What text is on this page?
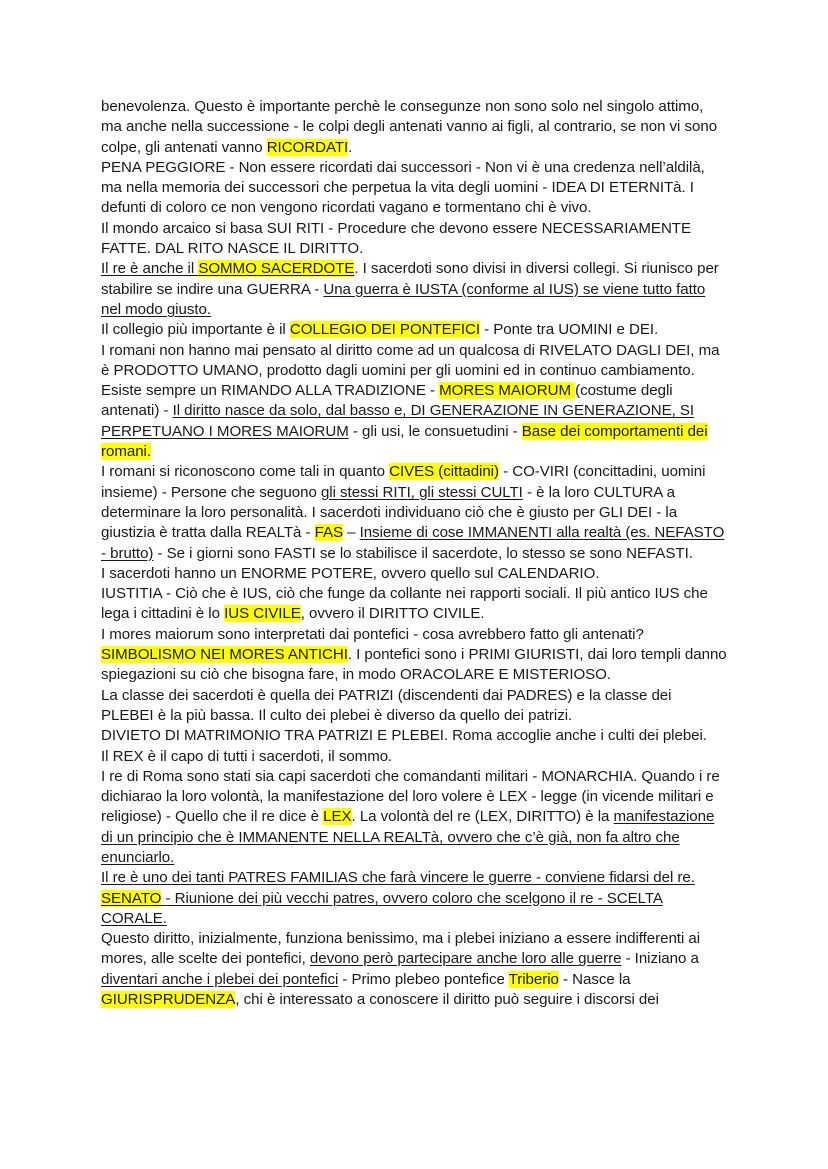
benevolenza. Questo è importante perchè le consegunze non sono solo nel singolo attimo, ma anche nella successione - le colpi degli antenati vanno ai figli, al contrario, se non vi sono colpe, gli antenati vanno RICORDATI.

PENA PEGGIORE - Non essere ricordati dai successori - Non vi è una credenza nell’aldilà, ma nella memoria dei successori che perpetua la vita degli uomini - IDEA DI ETERNITà. I defunti di coloro ce non vengono ricordati vagano e tormentano chi è vivo.

Il mondo arcaico si basa SUI RITI - Procedure che devono essere NECESSARIAMENTE FATTE. DAL RITO NASCE IL DIRITTO.

Il re è anche il SOMMO SACERDOTE. I sacerdoti sono divisi in diversi collegi. Si riunisco per stabilire se indire una GUERRA - Una guerra è IUSTA (conforme al IUS) se viene tutto fatto nel modo giusto.

Il collegio più importante è il COLLEGIO DEI PONTEFICI - Ponte tra UOMINI e DEI.

I romani non hanno mai pensato al diritto come ad un qualcosa di RIVELATO DAGLI DEI, ma è PRODOTTO UMANO, prodotto dagli uomini per gli uomini ed in continuo cambiamento.

Esiste sempre un RIMANDO ALLA TRADIZIONE - MORES MAIORUM (costume degli antenati) - Il diritto nasce da solo, dal basso e, DI GENERAZIONE IN GENERAZIONE, SI PERPETUANO I MORES MAIORUM - gli usi, le consuetudini - Base dei comportamenti dei romani.

I romani si riconoscono come tali in quanto CIVES (cittadini) - CO-VIRI (concittadini, uomini insieme) - Persone che seguono gli stessi RITI, gli stessi CULTI - è la loro CULTURA a determinare la loro personalità. I sacerdoti individuano ciò che è giusto per GLI DEI - la giustizia è tratta dalla REALTà - FAS – Insieme di cose IMMANENTI alla realtà (es. NEFASTO - brutto) - Se i giorni sono FASTI se lo stabilisce il sacerdote, lo stesso se sono NEFASTI.

I sacerdoti hanno un ENORME POTERE, ovvero quello sul CALENDARIO.

IUSTITIA - Ciò che è IUS, ciò che funge da collante nei rapporti sociali. Il più antico IUS che lega i cittadini è lo IUS CIVILE, ovvero il DIRITTO CIVILE.

I mores maiorum sono interpretati dai pontefici - cosa avrebbero fatto gli antenati? SIMBOLISMO NEI MORES ANTICHI. I pontefici sono i PRIMI GIURISTI, dai loro templi danno spiegazioni su ciò che bisogna fare, in modo ORACOLARE E MISTERIOSO.

La classe dei sacerdoti è quella dei PATRIZI (discendenti dai PADRES) e la classe dei PLEBEI è la più bassa. Il culto dei plebei è diverso da quello dei patrizi.

DIVIETO DI MATRIMONIO TRA PATRIZI E PLEBEI. Roma accoglie anche i culti dei plebei.

Il REX è il capo di tutti i sacerdoti, il sommo.

I re di Roma sono stati sia capi sacerdoti che comandanti militari - MONARCHIA. Quando i re dichiarao la loro volontà, la manifestazione del loro volere è LEX - legge (in vicende militari e religiose) - Quello che il re dice è LEX. La volontà del re (LEX, DIRITTO) è la manifestazione di un principio che è IMMANENTE NELLA REALTà, ovvero che c’è già, non fa altro che enunciarlo.

Il re è uno dei tanti PATRES FAMILIAS che farà vincere le guerre - conviene fidarsi del re.

SENATO - Riunione dei più vecchi patres, ovvero coloro che scelgono il re - SCELTA CORALE.

Questo diritto, inizialmente, funziona benissimo, ma i plebei iniziano a essere indifferenti ai mores, alle scelte dei pontefici, devono però partecipare anche loro alle guerre - Iniziano a diventari anche i plebei dei pontefici - Primo plebeo pontefice Triberio - Nasce la GIURISPRUDENZA, chi è interessato a conoscere il diritto può seguire i discorsi dei
